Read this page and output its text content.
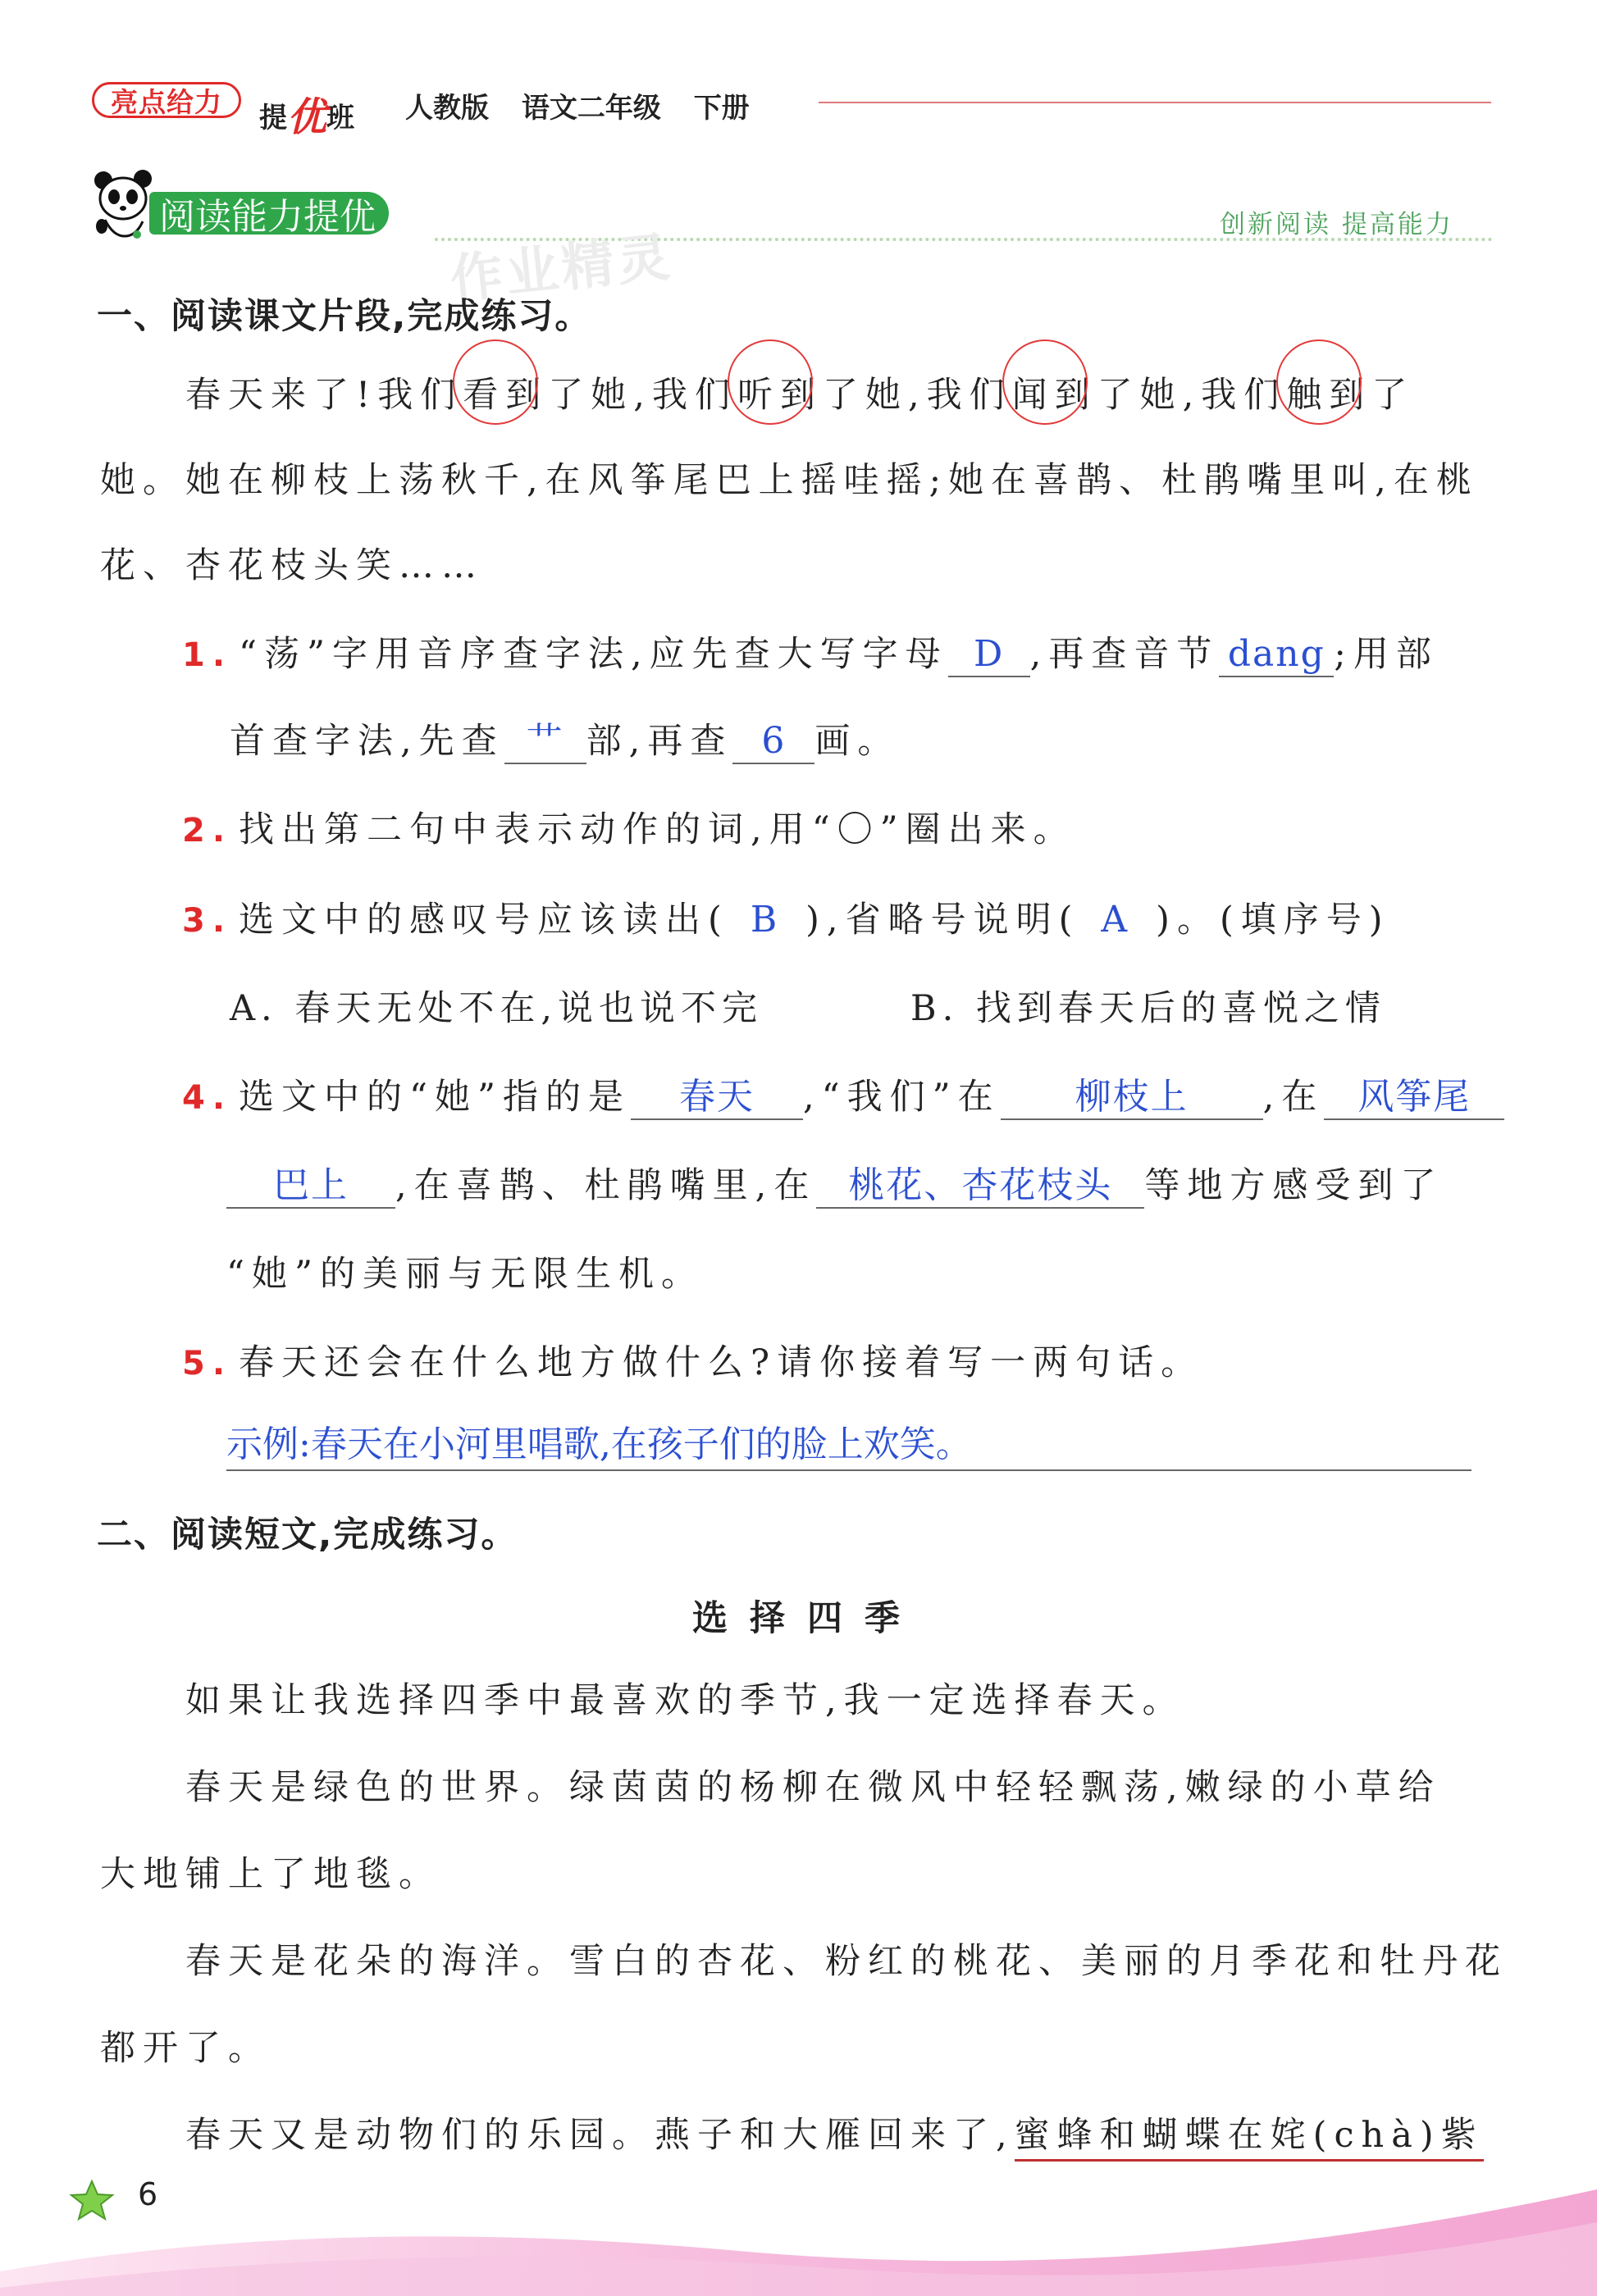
亮点给力	提优班 人教版 语文二年级 下册
阅读能力提优	创新阅读 提高能力
作业精灵
一、阅读课文片段,完成练习。
春天来了!我们看到了她,我们听到了她,我们闻到了她,我们触到了
她。她在柳枝上荡秋千,在风筝尾巴上摇哇摇;她在喜鹊、杜鹃嘴里叫,在桃
花、杏花枝头笑……
1. “荡”字用音序查字法,应先查大写字母 D ,再查音节 dang ;用部
首查字法,先查 艹 部,再查 6 画。
2. 找出第二句中表示动作的词,用“〇”圈出来。
3. 选文中的感叹号应该读出( B ),省略号说明( A )。(填序号)
A. 春天无处不在,说也说不完	B. 找到春天后的喜悦之情
4. 选文中的“她”指的是 春天 ,“我们”在 柳枝上 ,在 风筝尾
巴上 ,在喜鹊、杜鹃嘴里,在 桃花、杏花枝头 等地方感受到了
“她”的美丽与无限生机。
5. 春天还会在什么地方做什么?请你接着写一两句话。
示例:春天在小河里唱歌,在孩子们的脸上欢笑。
二、阅读短文,完成练习。
选 择 四 季
如果让我选择四季中最喜欢的季节,我一定选择春天。
春天是绿色的世界。绿茵茵的杨柳在微风中轻轻飘荡,嫩绿的小草给
大地铺上了地毯。
春天是花朵的海洋。雪白的杏花、粉红的桃花、美丽的月季花和牡丹花
都开了。
春天又是动物们的乐园。燕子和大雁回来了,蜜蜂和蝴蝶在姹(chà)紫
6
